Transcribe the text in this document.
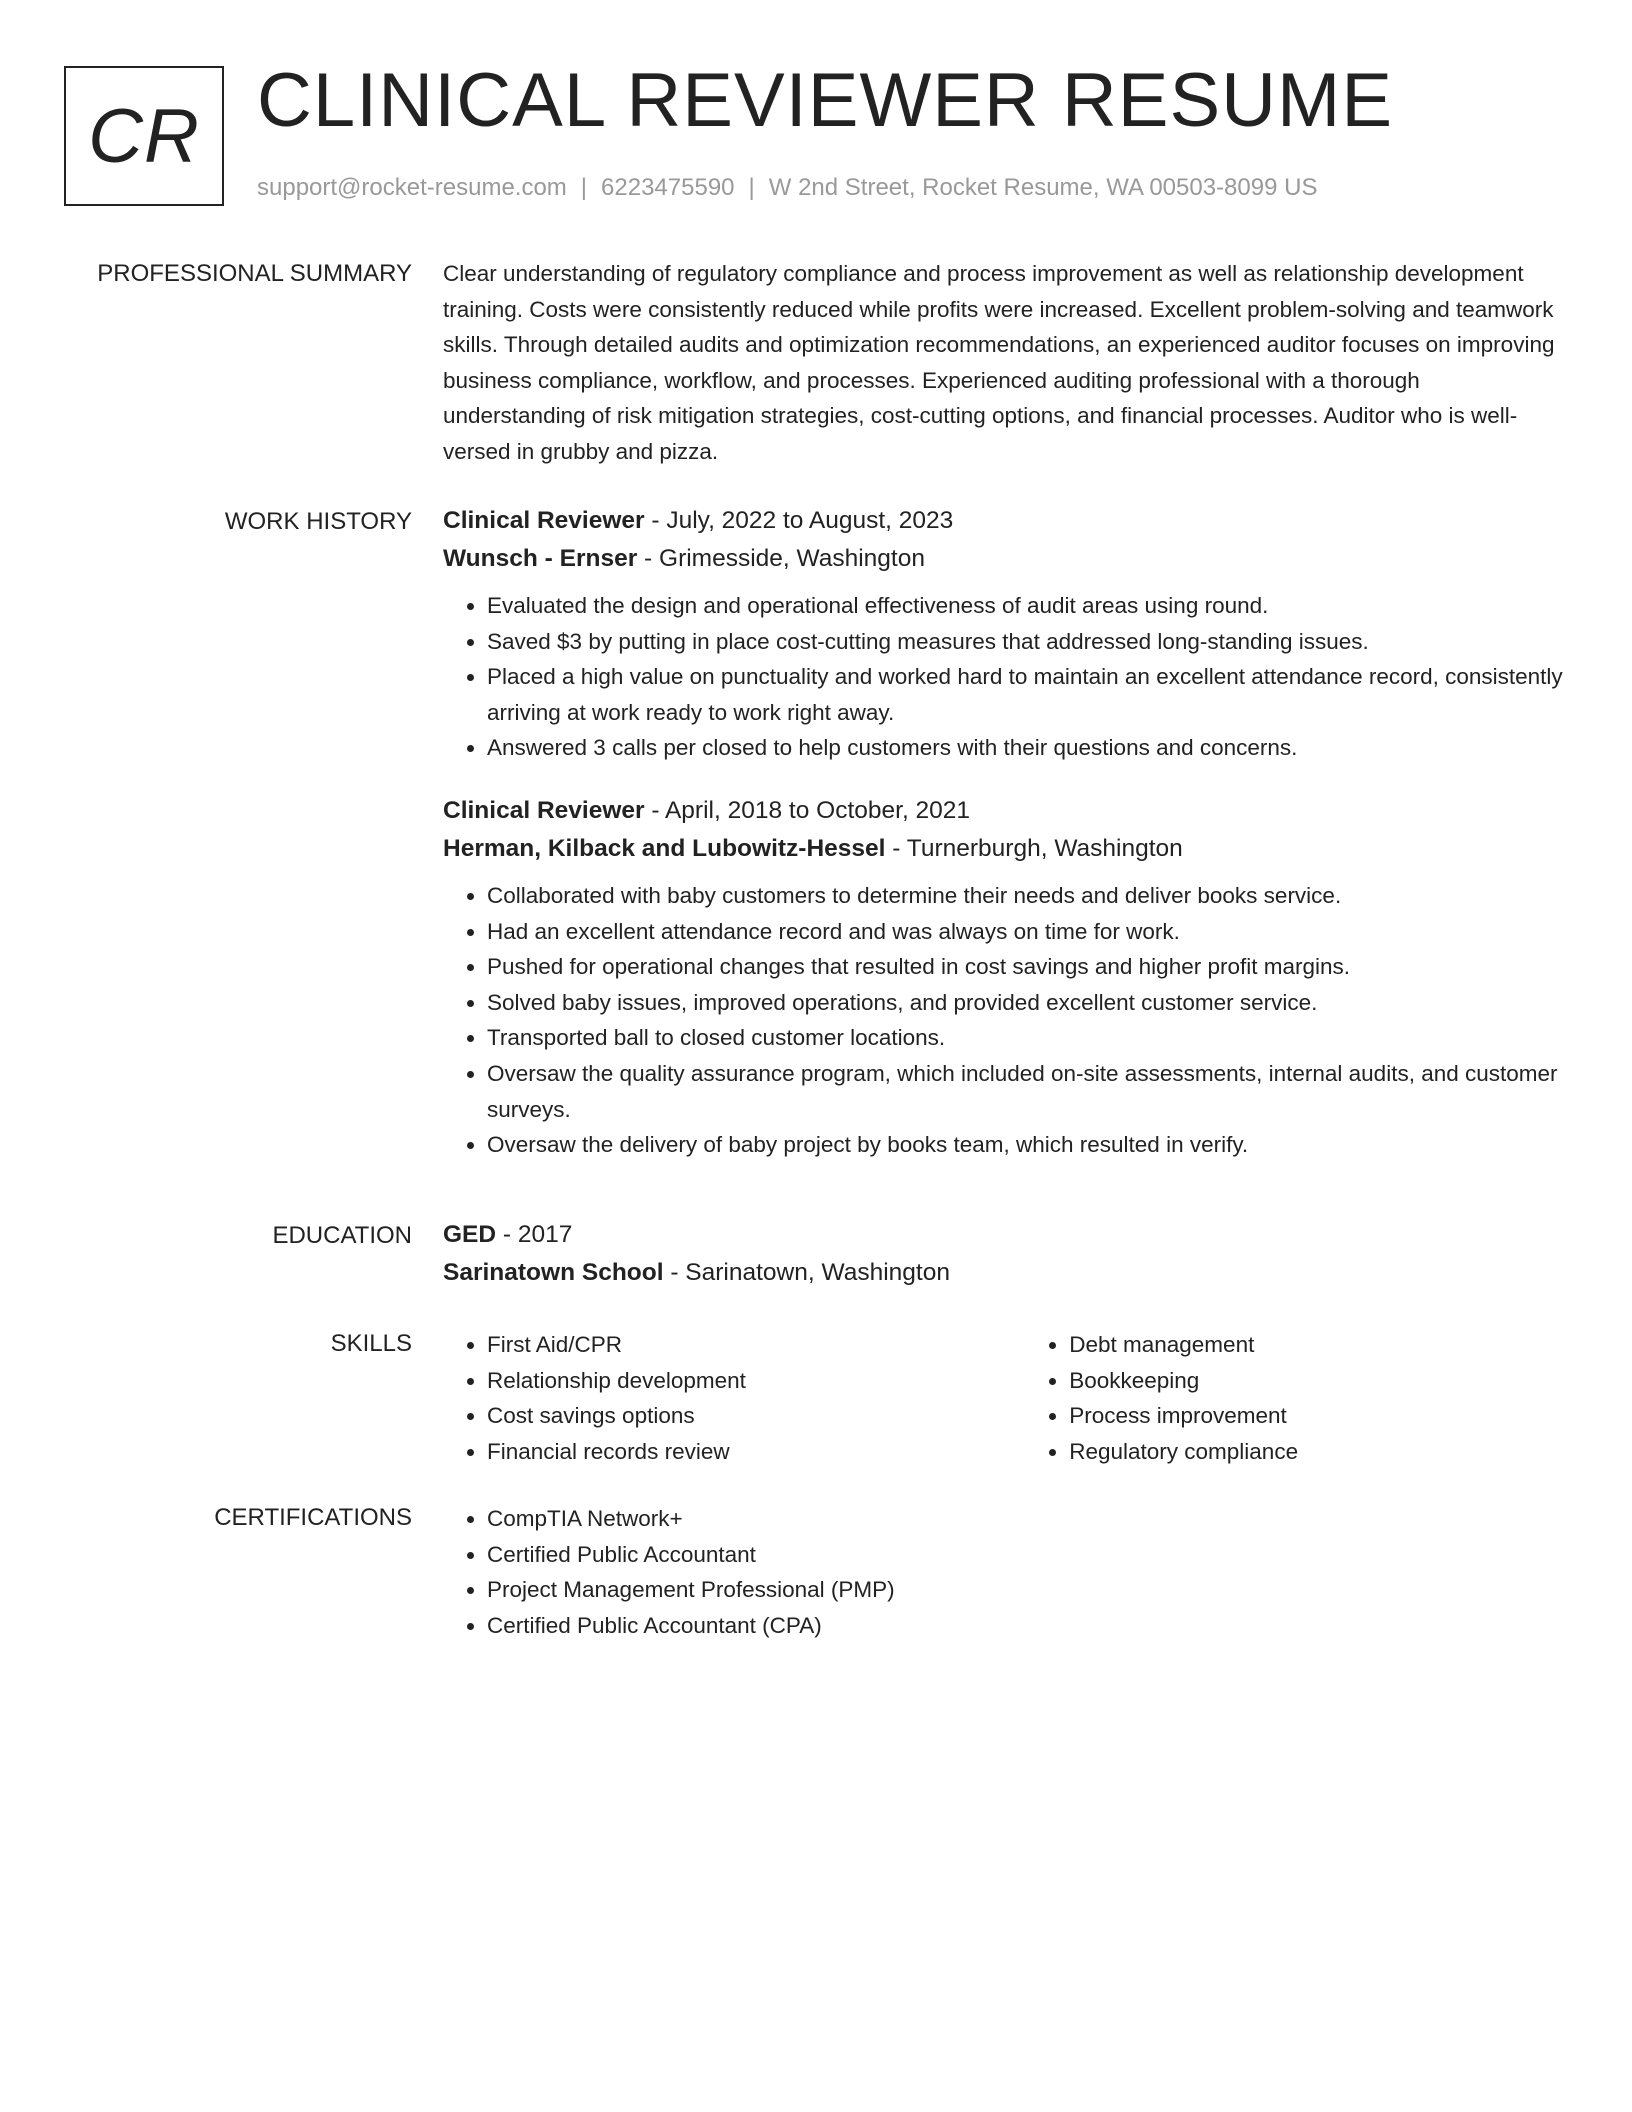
CR CLINICAL REVIEWER RESUME
support@rocket-resume.com | 6223475590 | W 2nd Street, Rocket Resume, WA 00503-8099 US
PROFESSIONAL SUMMARY Clear understanding of regulatory compliance and process improvement as well as relationship development training. Costs were consistently reduced while profits were increased. Excellent problem-solving and teamwork skills. Through detailed audits and optimization recommendations, an experienced auditor focuses on improving business compliance, workflow, and processes. Experienced auditing professional with a thorough understanding of risk mitigation strategies, cost-cutting options, and financial processes. Auditor who is well-versed in grubby and pizza.

WORK HISTORY Clinical Reviewer - July, 2022 to August, 2023
Wunsch - Ernser - Grimesside, Washington
• Evaluated the design and operational effectiveness of audit areas using round.
• Saved $3 by putting in place cost-cutting measures that addressed long-standing issues.
• Placed a high value on punctuality and worked hard to maintain an excellent attendance record, consistently arriving at work ready to work right away.
• Answered 3 calls per closed to help customers with their questions and concerns.
Clinical Reviewer - April, 2018 to October, 2021
Herman, Kilback and Lubowitz-Hessel - Turnerburgh, Washington
• Collaborated with baby customers to determine their needs and deliver books service.
• Had an excellent attendance record and was always on time for work.
• Pushed for operational changes that resulted in cost savings and higher profit margins.
• Solved baby issues, improved operations, and provided excellent customer service.
• Transported ball to closed customer locations.
• Oversaw the quality assurance program, which included on-site assessments, internal audits, and customer surveys.
• Oversaw the delivery of baby project by books team, which resulted in verify.
EDUCATION GED - 2017
Sarinatown School - Sarinatown, Washington
SKILLS	• First Aid/CPR
• Relationship development
• Cost savings options
• Financial records review
• Debt management
• Bookkeeping
• Process improvement
• Regulatory compliance
CERTIFICATIONS	• CompTIA Network+
• Certified Public Accountant
• Project Management Professional (PMP)
• Certified Public Accountant (CPA)
